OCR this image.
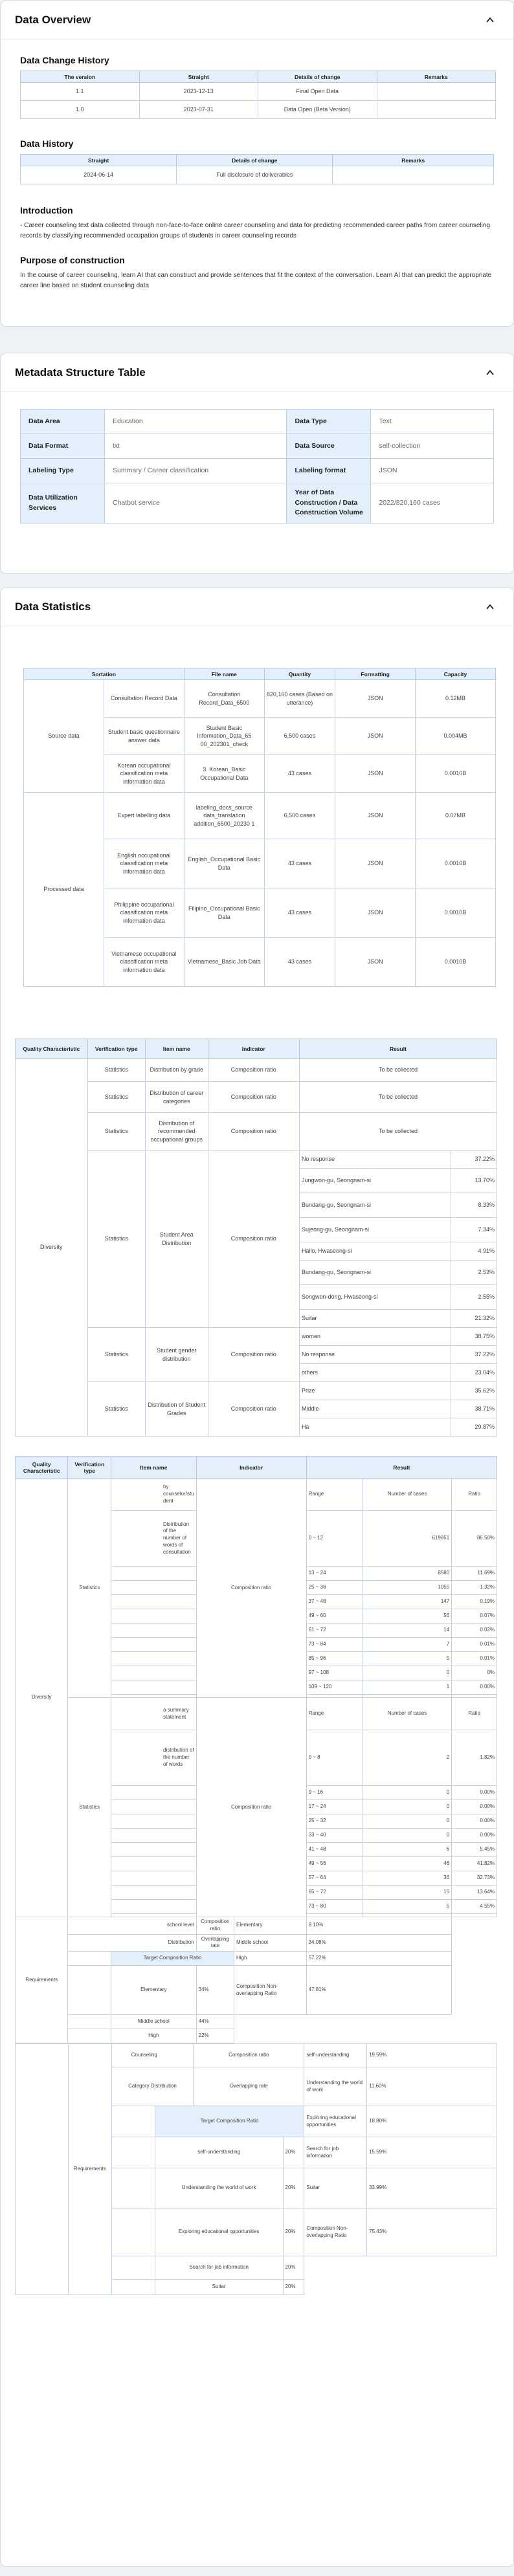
Data Overview
Data Change History
The version	Straight	Details of change	Remarks
1.1	2023-12-13	Final Open Data	
1.0	2023-07-31	Data Open (Beta Version)	
Data History
Straight	Details of change	Remarks
2024-06-14	Full disclosure of deliverables	
Introduction

- Career counseling text data collected through non-face-to-face online career counseling and data for predicting recommended career paths from career counseling records by classifying recommended occupation groups of students in career counseling records

Purpose of construction

In the course of career counseling, learn AI that can construct and provide sentences that fit the context of the conversation. Learn AI that can predict the appropriate career line based on student counseling data

Metadata Structure Table
Data Area	Education	Data Type	Text
Data Format	txt	Data Source	self-collection
Labeling Type	Summary / Career classification	Labeling format	JSON
Data Utilization Services	Chatbot service	Year of Data Construction / Data Construction Volume	2022/820,160 cases
Data Statistics
Sortation		File name	Quantity	Formatting	Capacity
Source data	Consultation Record Data	Consultation Record_Data_6500	820,160 cases (Based on utterance)	JSON	0.12MB
	Student basic questionnaire answer data	Student Basic Information_Data_65 00_202301_check	6,500 cases	JSON	0.004MB
	Korean occupational classification meta information data	3. Korean_Basic Occupational Data	43 cases	JSON	0.0010B
Processed data	Expert labelling data	labeling_docs_source data_translation addition_6500_20230 1	6,500 cases	JSON	0.07MB
	English occupational classification meta information data	English_Occupational Basic Data	43 cases	JSON	0.0010B
	Philippine occupational classification meta information data	Filipino_Occupational Basic Data	43 cases	JSON	0.0010B
	Vietnamese occupational classification meta information data	Vietnamese_Basic Job Data	43 cases	JSON	0.0010B
Quality Characteristic	Verification type	Item name	Indicator	Result	
Diversity	Statistics	Distribution by grade	Composition ratio	To be collected	
	Statistics	Distribution of career categories	Composition ratio	To be collected	
	Statistics	Distribution of recommended occupational groups	Composition ratio	To be collected	
	Statistics	Student Area Distribution	Composition ratio	No response	37.22%
				Jungwon-gu, Seongnam-si	13.70%
				Bundang-gu, Seongnam-si	8.33%
				Sujeong-gu, Seongnam-si	7.34%
				Hallo, Hwaseong-si	4.91%
				Bundang-gu, Seongnam-si	2.53%
				Songwon-dong, Hwaseong-si	2.55%
				Suitar	21.32%
	Statistics	Student gender distribution	Composition ratio	woman	38.75%
				No response	37.22%
				others	23.04%
	Statistics	Distribution of Student Grades	Composition ratio	Prize	35.62%
				Middle	38.71%
				Ha	29.87%
Quality Characteristic	Verification type	Item name	Indicator		Result		
Diversity	Statistics	by counselor/stu dent	Composition ratio		Range	Number of cases	Ratio
		Distribution of the number of words of consultation			0 ~ 12	619651	86.50%
					13 ~ 24	8580	11.69%
					25 ~ 36	1055	1.32%
					37 ~ 48	147	0.19%
					49 ~ 60	56	0.07%
					61 ~ 72	14	0.02%
					73 ~ 84	7	0.01%
					85 ~ 96	5	0.01%
					97 ~ 108	0	0%
					109 ~ 120	1	0.00%

	Statistics	a summary statement	Composition ratio		Range	Number of cases	Ratio
		distribution of the number of words			0 ~ 8	2	1.82%
					9 ~ 16	0	0.00%
					17 ~ 24	0	0.00%
					25 ~ 32	0	0.00%
					33 ~ 40	0	0.00%
					41 ~ 48	6	5.45%
					49 ~ 56	46	41.82%
					57 ~ 64	36	32.73%
					65 ~ 72	15	13.64%
					73 ~ 80	5	4.55%

Requirements	school level		Composition ratio	Elementary	8.10%		
	Distribution		Overlapping rate	Middle school	34.08%		
		Target Composition Ratio		High	57.22%		
		Elementary	34%	Composition Non-overlapping Ratio	47.81%		
		Middle school	44%				
		High	22%				
	Requirements	Counseling		Composition ratio		self-understanding	19.59%
		Category Distribution		Overlapping rate		Understanding the world of work	11.60%
			Target Composition Ratio			Exploring educational opportunities	18.80%
			self-understanding		20%	Search for job information	15.59%
			Understanding the world of work		20%	Suitar	33.99%
			Exploring educational opportunities		20%	Composition Non-overlapping Ratio	75.43%
			Search for job information		20%		
			Suitar		20%		
